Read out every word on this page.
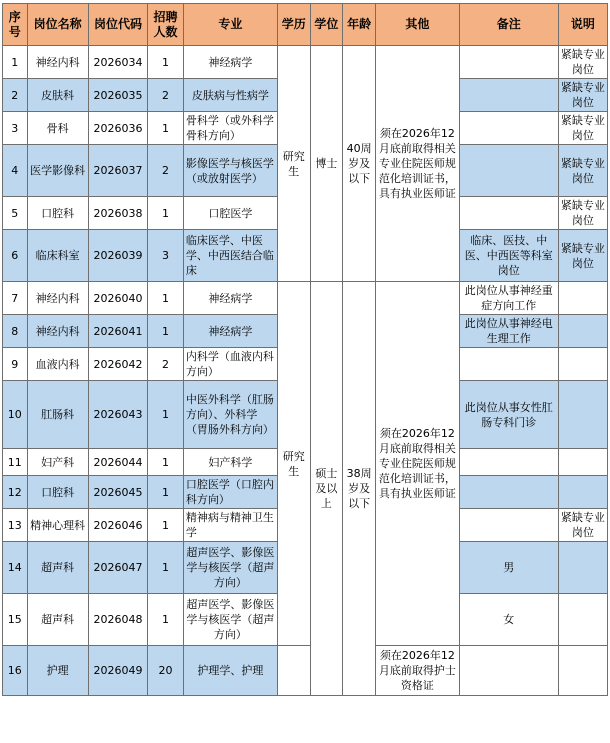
序号	岗位名称	岗位代码	招聘人数	专业	学历	学位	年龄	其他	备注	说明
1	神经内科	2026034	1	神经病学	研究生	博士	40周岁及以下	须在2026年12月底前取得相关专业住院医师规范化培训证书，具有执业医师证		紧缺专业岗位
2	皮肤科	2026035	2	皮肤病与性病学						紧缺专业岗位
3	骨科	2026036	1	骨科学（或外科学骨科方向）						紧缺专业岗位
4	医学影像科	2026037	2	影像医学与核医学（或放射医学）						紧缺专业岗位
5	口腔科	2026038	1	口腔医学						紧缺专业岗位
6	临床科室	2026039	3	临床医学、中医学、中西医结合临床					临床、医技、中医、中西医等科室岗位	紧缺专业岗位
7	神经内科	2026040	1	神经病学	研究生	硕士及以上	38周岁及以下	须在2026年12月底前取得相关专业住院医师规范化培训证书，具有执业医师证	此岗位从事神经重症方向工作	
8	神经内科	2026041	1	神经病学					此岗位从事神经电生理工作	
9	血液内科	2026042	2	内科学（血液内科方向）						
10	肛肠科	2026043	1	中医外科学（肛肠方向）、外科学（胃肠外科方向）					此岗位从事女性肛肠专科门诊	
11	妇产科	2026044	1	妇产科学						
12	口腔科	2026045	1	口腔医学（口腔内科方向）						
13	精神心理科	2026046	1	精神病与精神卫生学						紧缺专业岗位
14	超声科	2026047	1	超声医学、影像医学与核医学（超声方向）					男	
15	超声科	2026048	1	超声医学、影像医学与核医学（超声方向）					女	
16	护理	2026049	20	护理学、护理				须在2026年12月底前取得护士资格证		
